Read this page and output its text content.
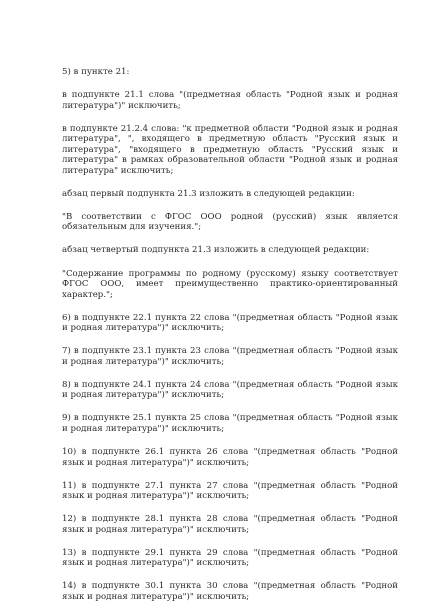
5) в пункте 21:

в подпункте 21.1 слова "(предметная область "Родной язык и родная литература")" исключить;

в подпункте 21.2.4 слова: "к предметной области "Родной язык и родная литература", ", входящего в предметную область "Русский язык и литература", "входящего в предметную область "Русский язык и литература" в рамках образовательной области "Родной язык и родная литература" исключить;

абзац первый подпункта 21.3 изложить в следующей редакции:

"В соответствии с ФГОС ООО родной (русский) язык является обязательным для изучения.";

абзац четвертый подпункта 21.3 изложить в следующей редакции:

"Содержание программы по родному (русскому) языку соответствует ФГОС ООО, имеет преимущественно практико-ориентированный характер.";

6) в подпункте 22.1 пункта 22 слова "(предметная область "Родной язык и родная литература")" исключить;

7) в подпункте 23.1 пункта 23 слова "(предметная область "Родной язык и родная литература")" исключить;

8) в подпункте 24.1 пункта 24 слова "(предметная область "Родной язык и родная литература")" исключить;

9) в подпункте 25.1 пункта 25 слова "(предметная область "Родной язык и родная литература")" исключить;

10) в подпункте 26.1 пункта 26 слова "(предметная область "Родной язык и родная литература")" исключить;

11) в подпункте 27.1 пункта 27 слова "(предметная область "Родной язык и родная литература")" исключить;

12) в подпункте 28.1 пункта 28 слова "(предметная область "Родной язык и родная литература")" исключить;

13) в подпункте 29.1 пункта 29 слова "(предметная область "Родной язык и родная литература")" исключить;

14) в подпункте 30.1 пункта 30 слова "(предметная область "Родной язык и родная литература")" исключить;
